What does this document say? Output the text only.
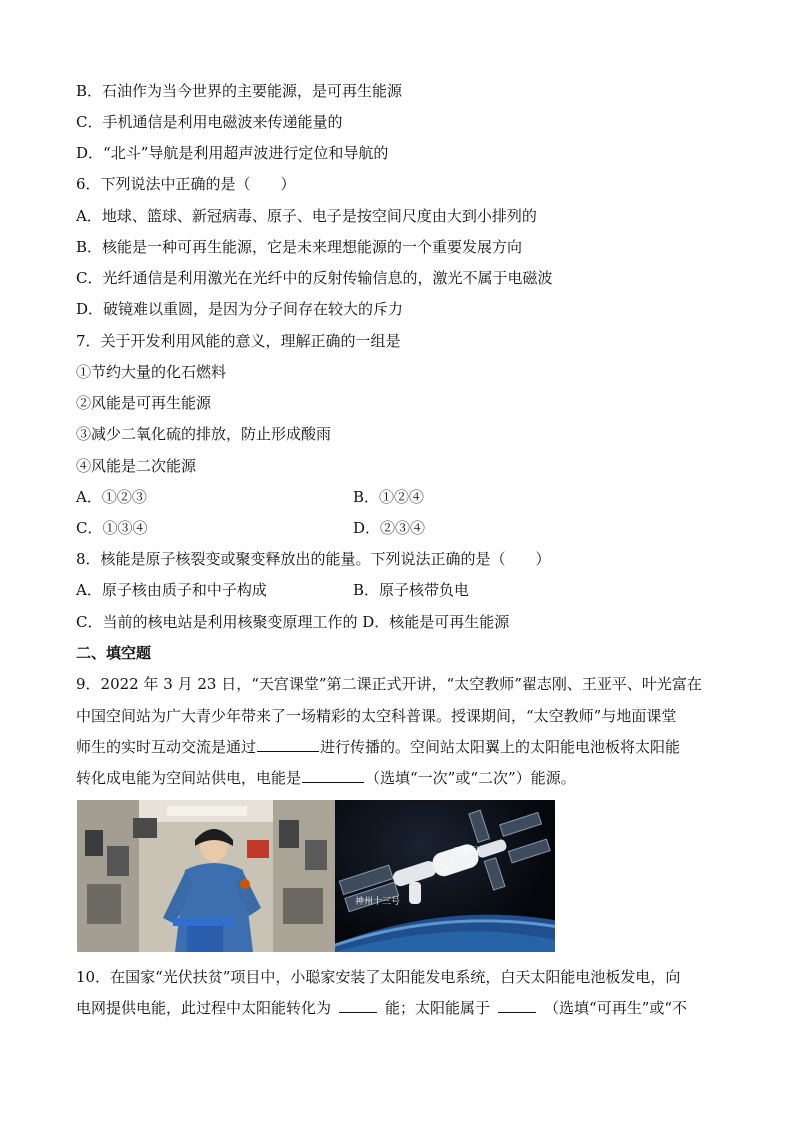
B．石油作为当今世界的主要能源，是可再生能源
C．手机通信是利用电磁波来传递能量的
D．“北斗”导航是利用超声波进行定位和导航的
6．下列说法中正确的是（　　）
A．地球、篮球、新冠病毒、原子、电子是按空间尺度由大到小排列的
B．核能是一种可再生能源，它是未来理想能源的一个重要发展方向
C．光纤通信是利用激光在光纤中的反射传输信息的，激光不属于电磁波
D．破镜难以重圆，是因为分子间存在较大的斥力
7．关于开发利用风能的意义，理解正确的一组是
①节约大量的化石燃料
②风能是可再生能源
③减少二氧化硫的排放，防止形成酸雨
④风能是二次能源
A．①②③	B．①②④
C．①③④	D．②③④
8．核能是原子核裂变或聚变释放出的能量。下列说法正确的是（　　）
A．原子核由质子和中子构成	B．原子核带负电
C．当前的核电站是利用核聚变原理工作的 D．核能是可再生能源
二、填空题
9．2022 年 3 月 23 日，“天宫课堂”第二课正式开讲，“太空教师”翟志刚、王亚平、叶光富在
中国空间站为广大青少年带来了一场精彩的太空科普课。授课期间，“太空教师”与地面课堂
师生的实时互动交流是通过	进行传播的。空间站太阳翼上的太阳能电池板将太阳能
转化成电能为空间站供电，电能是	（选填“一次”或“二次”）能源。
天和号
神州十三号
10．在国家“光伏扶贫”项目中，小聪家安装了太阳能发电系统，白天太阳能电池板发电，向
电网提供电能，此过程中太阳能转化为	能；太阳能属于	（选填“可再生”或“不
